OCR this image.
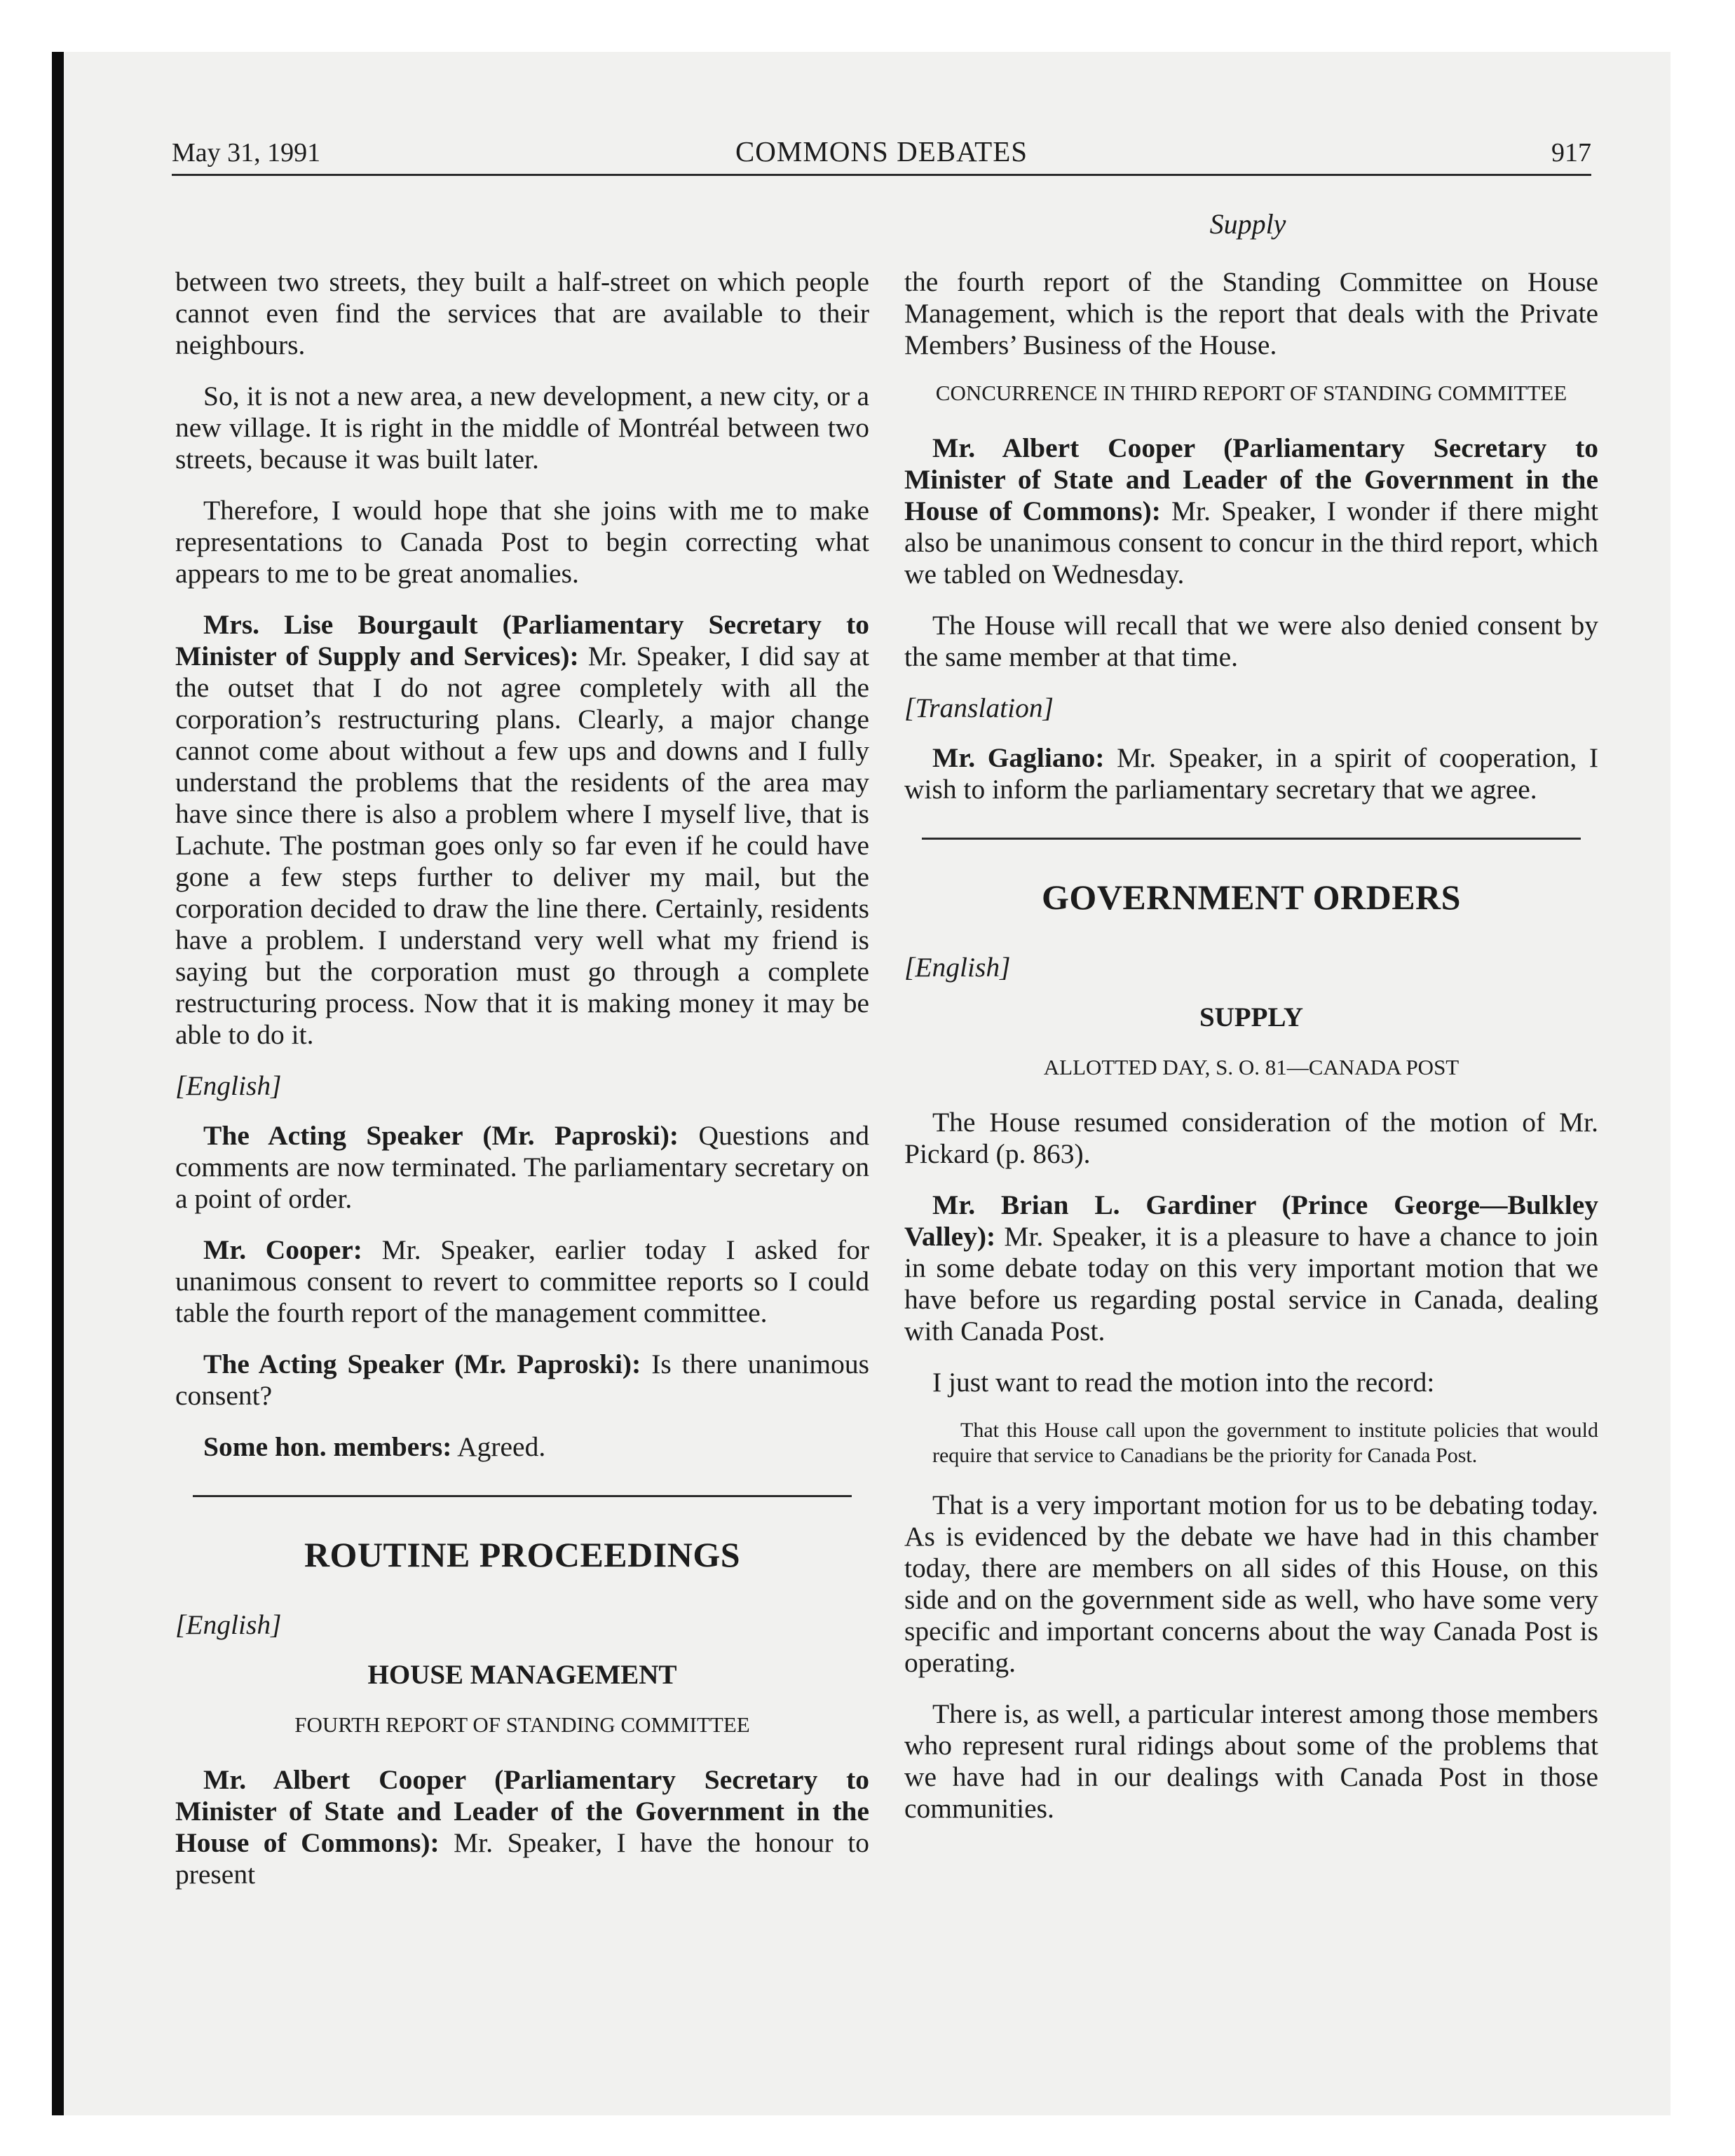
May 31, 1991	COMMONS DEBATES	917
Supply

between two streets, they built a half-street on which people cannot even find the services that are available to their neighbours.

So, it is not a new area, a new development, a new city, or a new village. It is right in the middle of Montréal between two streets, because it was built later.

Therefore, I would hope that she joins with me to make representations to Canada Post to begin correcting what appears to me to be great anomalies.

Mrs. Lise Bourgault (Parliamentary Secretary to Minister of Supply and Services): Mr. Speaker, I did say at the outset that I do not agree completely with all the corporation’s restructuring plans. Clearly, a major change cannot come about without a few ups and downs and I fully understand the problems that the residents of the area may have since there is also a problem where I myself live, that is Lachute. The postman goes only so far even if he could have gone a few steps further to deliver my mail, but the corporation decided to draw the line there. Certainly, residents have a problem. I understand very well what my friend is saying but the corporation must go through a complete restructuring process. Now that it is making money it may be able to do it.

[English]

The Acting Speaker (Mr. Paproski): Questions and comments are now terminated. The parliamentary secretary on a point of order.

Mr. Cooper: Mr. Speaker, earlier today I asked for unanimous consent to revert to committee reports so I could table the fourth report of the management committee.

The Acting Speaker (Mr. Paproski): Is there unanimous consent?

Some hon. members: Agreed.

ROUTINE PROCEEDINGS
[English]
HOUSE MANAGEMENT
FOURTH REPORT OF STANDING COMMITTEE

Mr. Albert Cooper (Parliamentary Secretary to Minister of State and Leader of the Government in the House of Commons): Mr. Speaker, I have the honour to present

the fourth report of the Standing Committee on House Management, which is the report that deals with the Private Members’ Business of the House.

CONCURRENCE IN THIRD REPORT OF STANDING COMMITTEE

Mr. Albert Cooper (Parliamentary Secretary to Minister of State and Leader of the Government in the House of Commons): Mr. Speaker, I wonder if there might also be unanimous consent to concur in the third report, which we tabled on Wednesday.

The House will recall that we were also denied consent by the same member at that time.

[Translation]

Mr. Gagliano: Mr. Speaker, in a spirit of cooperation, I wish to inform the parliamentary secretary that we agree.

GOVERNMENT ORDERS
[English]
SUPPLY
ALLOTTED DAY, S. O. 81—CANADA POST

The House resumed consideration of the motion of Mr. Pickard (p. 863).

Mr. Brian L. Gardiner (Prince George—Bulkley Valley): Mr. Speaker, it is a pleasure to have a chance to join in some debate today on this very important motion that we have before us regarding postal service in Canada, dealing with Canada Post.

I just want to read the motion into the record:

That this House call upon the government to institute policies that would require that service to Canadians be the priority for Canada Post.

That is a very important motion for us to be debating today. As is evidenced by the debate we have had in this chamber today, there are members on all sides of this House, on this side and on the government side as well, who have some very specific and important concerns about the way Canada Post is operating.

There is, as well, a particular interest among those members who represent rural ridings about some of the problems that we have had in our dealings with Canada Post in those communities.
